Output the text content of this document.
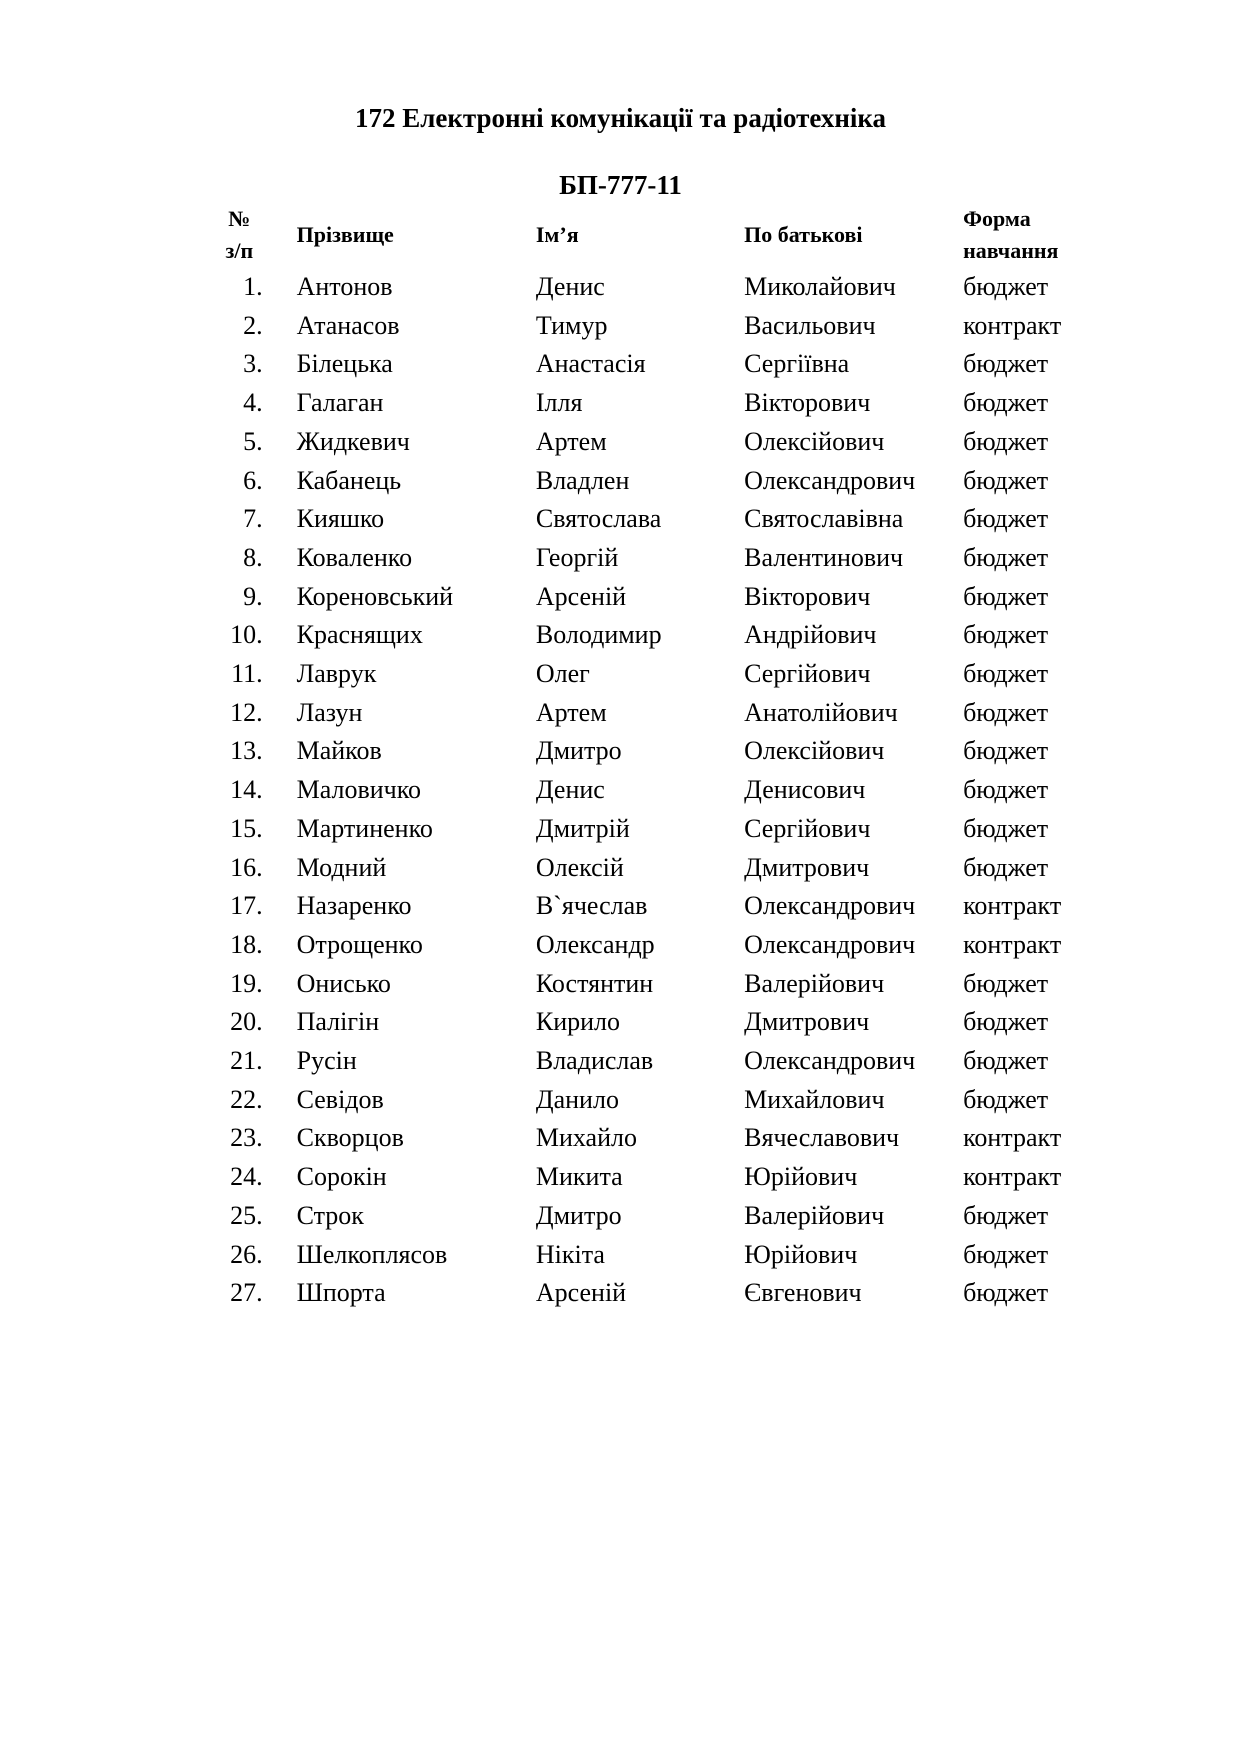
172 Електронні комунікації та радіотехніка
БП-777-11
№
з/п	Прізвище	Ім’я	По батькові	Форма
навчання

1.	Антонов	Денис	Миколайович	бюджет
2.	Атанасов	Тимур	Васильович	контракт
3.	Білецька	Анастасія	Сергіївна	бюджет
4.	Галаган	Ілля	Вікторович	бюджет
5.	Жидкевич	Артем	Олексійович	бюджет
6.	Кабанець	Владлен	Олександрович	бюджет
7.	Кияшко	Святослава	Святославівна	бюджет
8.	Коваленко	Георгій	Валентинович	бюджет
9.	Кореновський	Арсеній	Вікторович	бюджет
10.	Краснящих	Володимир	Андрійович	бюджет
11.	Лаврук	Олег	Сергійович	бюджет
12.	Лазун	Артем	Анатолійович	бюджет
13.	Майков	Дмитро	Олексійович	бюджет
14.	Маловичко	Денис	Денисович	бюджет
15.	Мартиненко	Дмитрій	Сергійович	бюджет
16.	Модний	Олексій	Дмитрович	бюджет
17.	Назаренко	В`ячеслав	Олександрович	контракт
18.	Отрощенко	Олександр	Олександрович	контракт
19.	Онисько	Костянтин	Валерійович	бюджет
20.	Палігін	Кирило	Дмитрович	бюджет
21.	Русін	Владислав	Олександрович	бюджет
22.	Севідов	Данило	Михайлович	бюджет
23.	Скворцов	Михайло	Вячеславович	контракт
24.	Сорокін	Микита	Юрійович	контракт
25.	Строк	Дмитро	Валерійович	бюджет
26.	Шелкоплясов	Нікіта	Юрійович	бюджет
27.	Шпорта	Арсеній	Євгенович	бюджет
